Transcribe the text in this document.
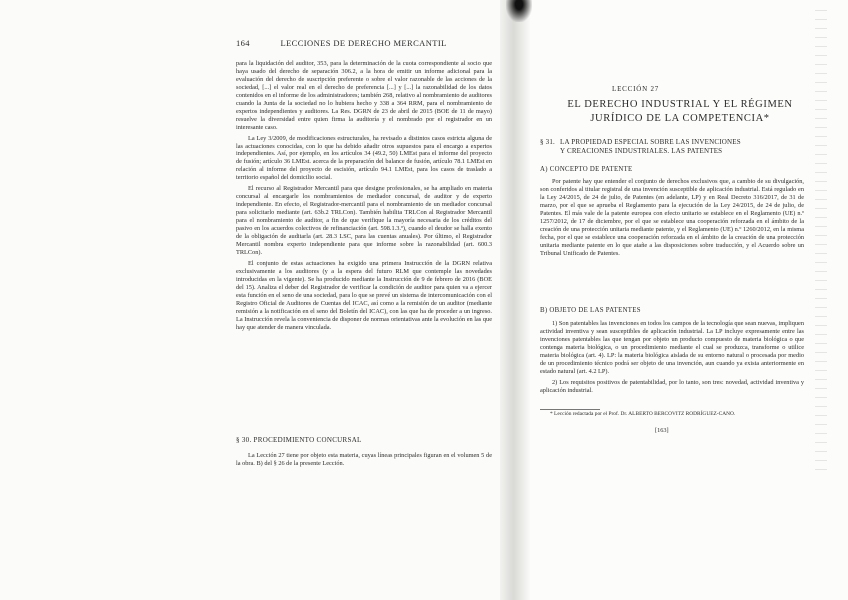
164	LECCIONES DE DERECHO MERCANTIL

para la liquidación del auditor, 353, para la determinación de la cuota correspondiente al socio que haya usado del derecho de separación 306.2, a la hora de emitir un informe adicional para la evaluación del derecho de suscripción preferente o sobre el valor razonable de las acciones de la sociedad, [...] el valor real en el derecho de preferencia [...] y [...] la razonabilidad de los datos contenidos en el informe de los administradores; también 268, relativo al nombramiento de auditores cuando la Junta de la sociedad no lo hubiera hecho y 338 a 364 RRM, para el nombramiento de expertos independientes y auditores. La Res. DGRN de 23 de abril de 2015 (BOE de 11 de mayo) resuelve la diversidad entre quien firma la auditoría y el nombrado por el registrador en un interesante caso.

La Ley 3/2009, de modificaciones estructurales, ha revisado a distintos casos estricta alguna de las actuaciones conocidas, con lo que ha debido añadir otros supuestos para el encargo a expertos independientes. Así, por ejemplo, en los artículos 34 (49.2, 50) LMEst para el informe del proyecto de fusión; artículo 36 LMEst. acerca de la preparación del balance de fusión, artículo 78.1 LMEst en relación al informe del proyecto de escisión, artículo 94.1 LMEst, para los casos de traslado a territorio español del domicilio social.

El recurso al Registrador Mercantil para que designe profesionales, se ha ampliado en materia concursal al encargarle los nombramientos de mediador concursal, de auditor y de experto independiente. En efecto, el Registrador-mercantil para el nombramiento de un mediador concursal para solicitarlo mediante (art. 63b.2 TRLCon). También habilita TRLCon al Registrador Mercantil para el nombramiento de auditor, a fin de que verifique la mayoría necesaria de los créditos del pasivo en los acuerdos colectivos de refinanciación (art. 598.1.3.º), cuando el deudor se halla exento de la obligación de auditarla (art. 28.3 LSC, para las cuentas anuales). Por último, el Registrador Mercantil nombra experto independiente para que informe sobre la razonabilidad (art. 600.3 TRLCon).

El conjunto de estas actuaciones ha exigido una primera Instrucción de la DGRN relativa exclusivamente a los auditores (y a la espera del futuro RLM que contemple las novedades introducidas en la vigente). Se ha producido mediante la Instrucción de 9 de febrero de 2016 (BOE del 15). Analiza el deber del Registrador de verificar la condición de auditor para quien va a ejercer esta función en el seno de una sociedad, para lo que se prevé un sistema de intercomunicación con el Registro Oficial de Auditores de Cuentas del ICAC, así como a la remisión de un auditor (mediante remisión a la notificación en el seno del Boletín del ICAC), con las que ha de proceder a un ingreso. La Instrucción revela la conveniencia de disponer de normas orientativas ante la evolución en las que hay que atender de manera vinculada.

§ 30. PROCEDIMIENTO CONCURSAL

La Lección 27 tiene por objeto esta materia, cuyas líneas principales figuran en el volumen 5 de la obra. B) del § 26 de la presente Lección.

LECCIÓN 27
EL DERECHO INDUSTRIAL Y EL RÉGIMEN JURÍDICO DE LA COMPETENCIA*
§ 31. LA PROPIEDAD ESPECIAL SOBRE LAS INVENCIONES
Y CREACIONES INDUSTRIALES. LAS PATENTES
A) CONCEPTO DE PATENTE

Por patente hay que entender el conjunto de derechos exclusivos que, a cambio de su divulgación, son conferidos al titular registral de una invención susceptible de aplicación industrial. Está regulado en la Ley 24/2015, de 24 de julio, de Patentes (en adelante, LP) y en Real Decreto 316/2017, de 31 de marzo, por el que se aprueba el Reglamento para la ejecución de la Ley 24/2015, de 24 de julio, de Patentes. El más vale de la patente europea con efecto unitario se establece en el Reglamento (UE) n.º 1257/2012, de 17 de diciembre, por el que se establece una cooperación reforzada en el ámbito de la creación de una protección unitaria mediante patente, y el Reglamento (UE) n.º 1260/2012, en la misma fecha, por el que se establece una cooperación reforzada en el ámbito de la creación de una protección unitaria mediante patente en lo que atañe a las disposiciones sobre traducción, y el Acuerdo sobre un Tribunal Unificado de Patentes.

B) OBJETO DE LAS PATENTES

1) Son patentables las invenciones en todos los campos de la tecnología que sean nuevas, impliquen actividad inventiva y sean susceptibles de aplicación industrial. La LP incluye expresamente entre las invenciones patentables las que tengan por objeto un producto compuesto de materia biológica o que contenga materia biológica, o un procedimiento mediante el cual se produzca, transforme o utilice materia biológica (art. 4). LP: la materia biológica aislada de su entorno natural o procesada por medio de un procedimiento técnico podrá ser objeto de una invención, aun cuando ya exista anteriormente en estado natural (art. 4.2 LP).

2) Los requisitos positivos de patentabilidad, por lo tanto, son tres: novedad, actividad inventiva y aplicación industrial.

* Lección redactada por el Prof. Dr. ALBERTO BERCOVITZ RODRÍGUEZ-CANO.
[163]
